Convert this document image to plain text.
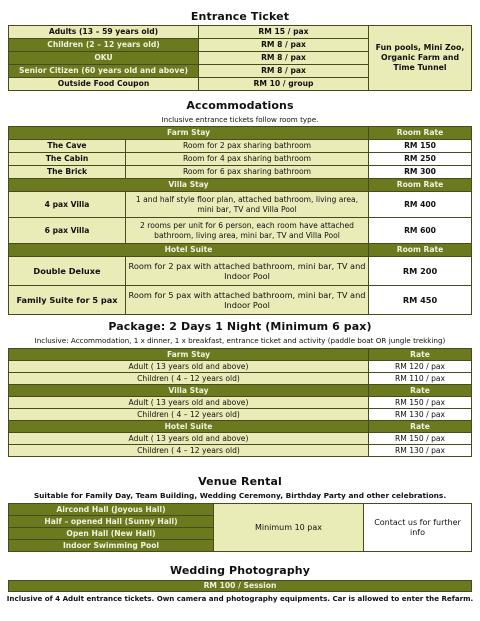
Entrance Ticket
Adults (13 – 59 years old)	RM 15 / pax	Fun pools, Mini Zoo, Organic Farm and Time Tunnel
Children (2 – 12 years old)	RM 8 / pax	
OKU	RM 8 / pax	
Senior Citizen (60 years old and above)	RM 8 / pax	
Outside Food Coupon	RM 10 / group	
Accommodations
Inclusive entrance tickets follow room type.
Farm Stay		Room Rate
The Cave	Room for 2 pax sharing bathroom	RM 150
The Cabin	Room for 4 pax sharing bathroom	RM 250
The Brick	Room for 6 pax sharing bathroom	RM 300
Villa Stay		Room Rate
4 pax Villa	1 and half style floor plan, attached bathroom, living area, mini bar, TV and Villa Pool	RM 400
6 pax Villa	2 rooms per unit for 6 person, each room have attached bathroom, living area, mini bar, TV and Villa Pool	RM 600
Hotel Suite		Room Rate
Double Deluxe	Room for 2 pax with attached bathroom, mini bar, TV and Indoor Pool	RM 200
Family Suite for 5 pax	Room for 5 pax with attached bathroom, mini bar, TV and Indoor Pool	RM 450
Package: 2 Days 1 Night (Minimum 6 pax)
Inclusive: Accommodation, 1 x dinner, 1 x breakfast, entrance ticket and activity (paddle boat OR jungle trekking)
Farm Stay	Rate
Adult ( 13 years old and above)	RM 120 / pax
Children ( 4 – 12 years old)	RM 110 / pax
Villa Stay	Rate
Adult ( 13 years old and above)	RM 150 / pax
Children ( 4 – 12 years old)	RM 130 / pax
Hotel Suite	Rate
Adult ( 13 years old and above)	RM 150 / pax
Children ( 4 – 12 years old)	RM 130 / pax
Venue Rental
Suitable for Family Day, Team Building, Wedding Ceremony, Birthday Party and other celebrations.
Aircond Hall (Joyous Hall)	Minimum 10 pax	Contact us for further info
Half – opened Hall (Sunny Hall)
Open Hall (New Hall)
Indoor Swimming Pool
Wedding Photography
RM 100 / Session
Inclusive of 4 Adult entrance tickets. Own camera and photography equipments. Car is allowed to enter the Refarm.
